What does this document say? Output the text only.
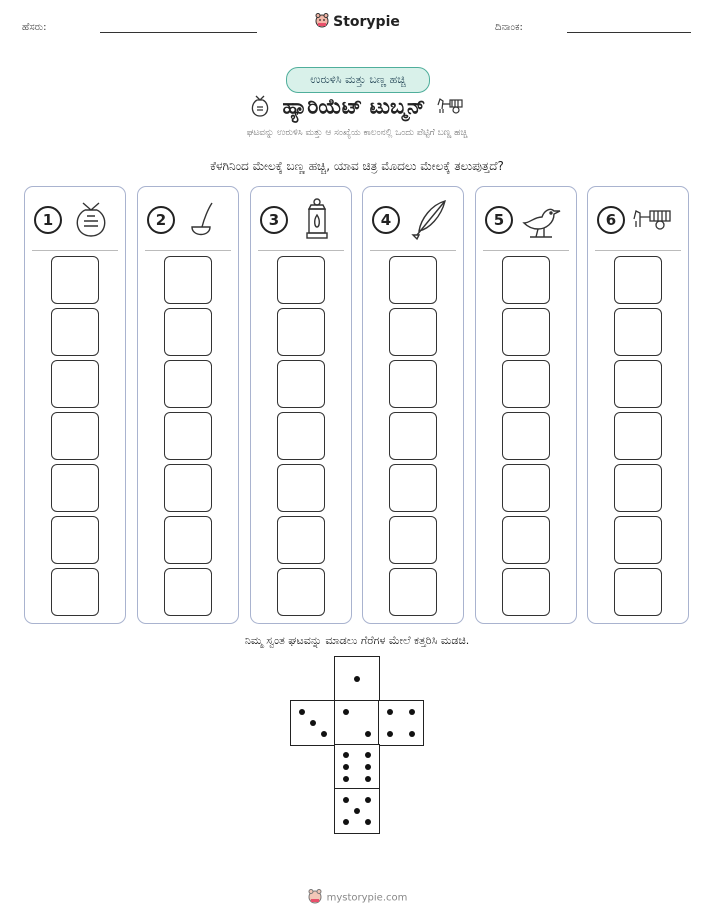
ಹೆಸರು:	Storypie	ದಿನಾಂಕ:
ಉರುಳಿಸಿ ಮತ್ತು ಬಣ್ಣ ಹಚ್ಚಿ
ಹ್ಯಾರಿಯೆಟ್ ಟುಬ್ಮನ್
ಘಟವನ್ನು ಉರುಳಿಸಿ ಮತ್ತು ಆ ಸಂಖ್ಯೆಯ ಕಾಲಂನಲ್ಲಿ ಒಂದು ಪೆಟ್ಟಿಗೆ ಬಣ್ಣ ಹಚ್ಚಿ
ಕೆಳಗಿನಿಂದ ಮೇಲಕ್ಕೆ ಬಣ್ಣ ಹಚ್ಚಿ, ಯಾವ ಚಿತ್ರ ಮೊದಲು ಮೇಲಕ್ಕೆ ತಲುಪುತ್ತದೆ?
1	2	3	4	5	6
ನಿಮ್ಮ ಸ್ವಂತ ಘಟವನ್ನು ಮಾಡಲು ಗೆರೆಗಳ ಮೇಲೆ ಕತ್ತರಿಸಿ ಮಡಚಿ.
mystorypie.com
